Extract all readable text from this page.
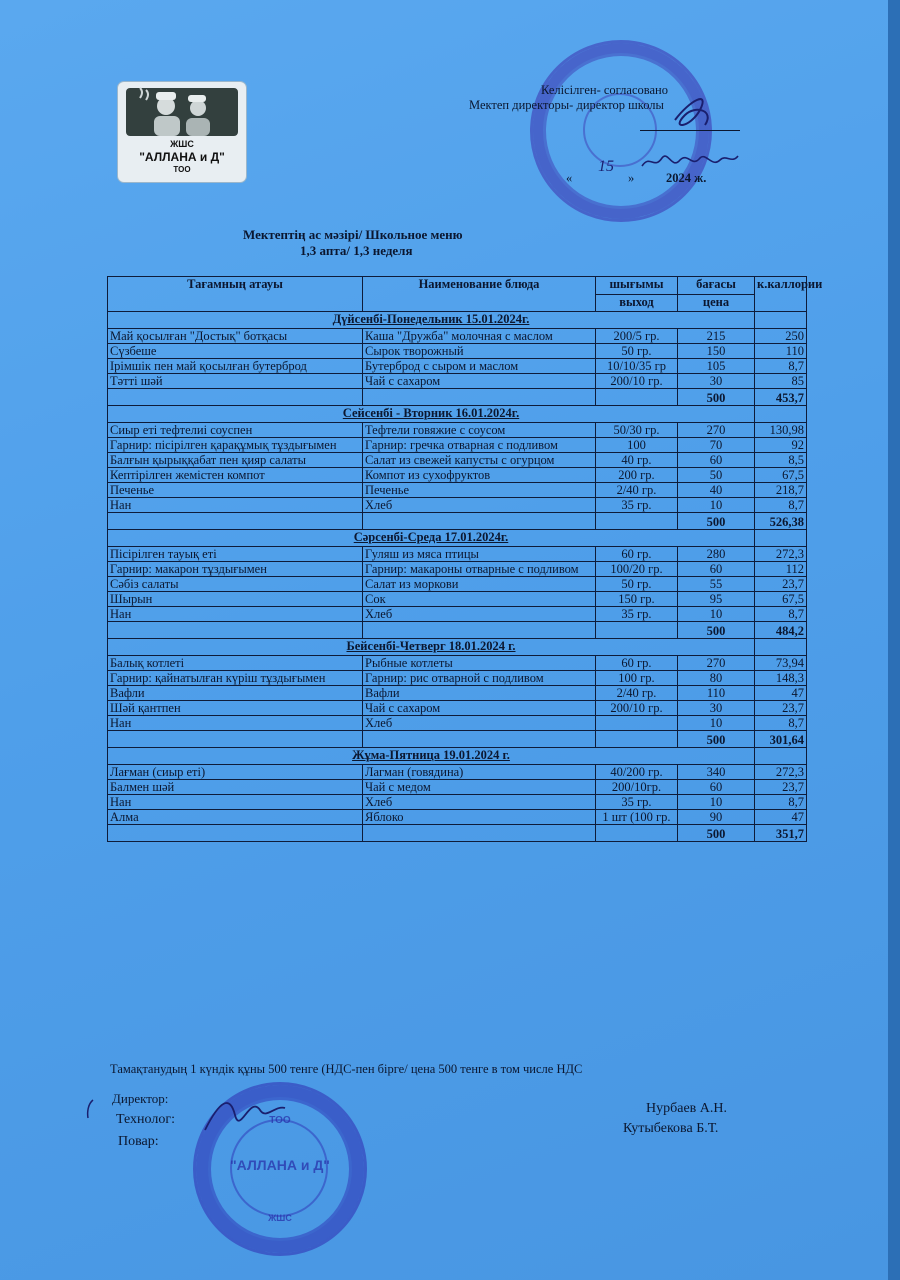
ЖШС
"АЛЛАНА и Д"
ТОО
Келісілген- согласовано
Мектеп директоры- директор школы
«
15
»	2024 ж.
Мектептің ас мәзірі/ Школьное меню
1,3 апта/ 1,3 неделя
Тағамның атауы	Наименование блюда	шығымы	бағасы	к.каллории
		выход	цена	
Дүйсенбі-Понедельник 15.01.2024г.				
Май қосылған "Достық" ботқасы	Каша "Дружба" молочная с маслом	200/5 гр.	215	250
Сүзбеше	Сырок творожный	50 гр.	150	110
Ірімшік пен май қосылған бутерброд	Бутерброд с сыром и маслом	10/10/35 гр	105	8,7
Тәтті шәй	Чай с сахаром	200/10 гр.	30	85
			500	453,7
Сейсенбі - Вторник 16.01.2024г.				
Сиыр еті тефтелиі соуспен	Тефтели говяжие с соусом	50/30 гр.	270	130,98
Гарнир: пісірілген қарақұмық тұздығымен	Гарнир: гречка отварная с подливом	100	70	92
Балғын қырыққабат пен қияр салаты	Салат из свежей капусты с огурцом	40 гр.	60	8,5
Кептірілген жемістен компот	Компот из сухофруктов	200 гр.	50	67,5
Печенье	Печенье	2/40 гр.	40	218,7
Нан	Хлеб	35 гр.	10	8,7
			500	526,38
Сәрсенбі-Среда 17.01.2024г.				
Пісірілген тауық еті	Гуляш из мяса птицы	60 гр.	280	272,3
Гарнир: макарон тұздығымен	Гарнир: макароны отварные с подливом	100/20 гр.	60	112
Сәбіз салаты	Салат из моркови	50 гр.	55	23,7
Шырын	Сок	150 гр.	95	67,5
Нан	Хлеб	35 гр.	10	8,7
			500	484,2
Бейсенбі-Четверг 18.01.2024 г.				
Балық котлеті	Рыбные котлеты	60 гр.	270	73,94
Гарнир: қайнатылған күріш тұздығымен	Гарнир: рис отварной с подливом	100 гр.	80	148,3
Вафли	Вафли	2/40 гр.	110	47
Шәй қантпен	Чай с сахаром	200/10 гр.	30	23,7
Нан	Хлеб		10	8,7
			500	301,64
Жұма-Пятница 19.01.2024 г.				
Лағман (сиыр еті)	Лагман (говядина)	40/200 гр.	340	272,3
Балмен шәй	Чай с медом	200/10гр.	60	23,7
Нан	Хлеб	35 гр.	10	8,7
Алма	Яблоко	1 шт (100 гр.	90	47
			500	351,7
Тамақтанудың 1 күндік құны 500 тенге (НДС-пен бірге/ цена 500 тенге в том числе НДС
Директор:
Технолог:
Повар:
Нурбаев А.Н.
Кутыбекова Б.Т.
ТОО
"АЛЛАНА и Д"
ЖШС
